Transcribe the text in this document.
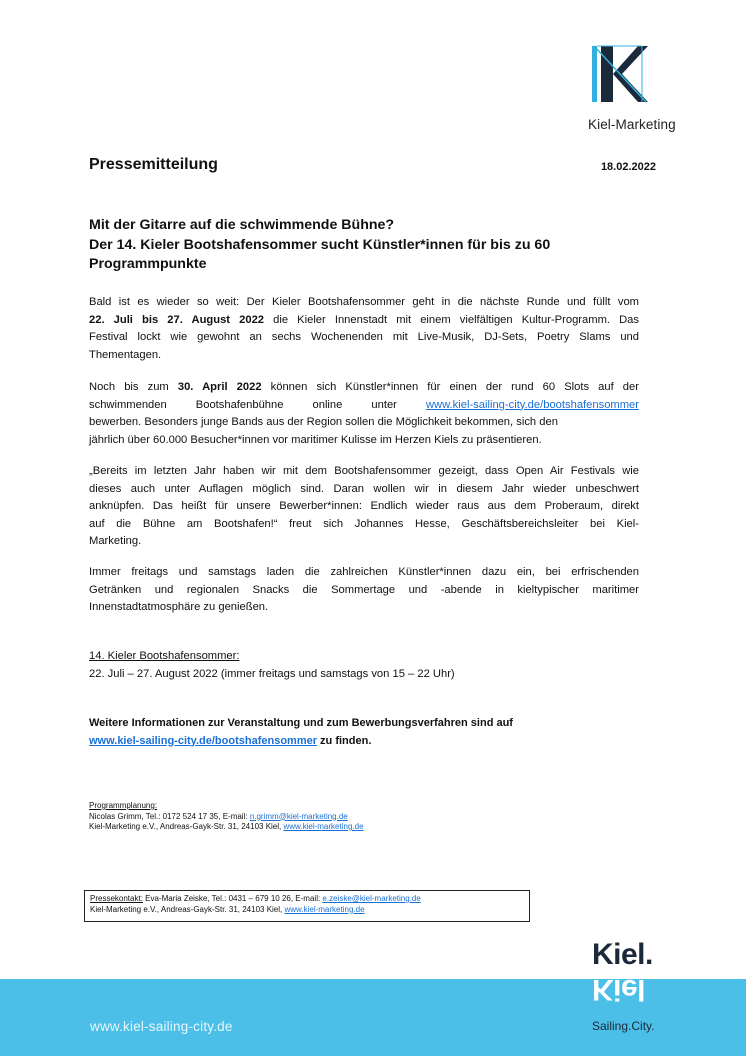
Kiel-Marketing
Pressemitteilung	18.02.2022
Mit der Gitarre auf die schwimmende Bühne?
Der 14. Kieler Bootshafensommer sucht Künstler*innen für bis zu 60
Programmpunkte
Bald ist es wieder so weit: Der Kieler Bootshafensommer geht in die nächste Runde und füllt vom
22. Juli bis 27. August 2022 die Kieler Innenstadt mit einem vielfältigen Kultur-Programm. Das
Festival lockt wie gewohnt an sechs Wochenenden mit Live-Musik, DJ-Sets, Poetry Slams und
Thementagen.
Noch bis zum 30. April 2022 können sich Künstler*innen für einen der rund 60 Slots auf der
schwimmenden Bootshafenbühne online unter www.kiel-sailing-city.de/bootshafensommer
bewerben. Besonders junge Bands aus der Region sollen die Möglichkeit bekommen, sich den
jährlich über 60.000 Besucher*innen vor maritimer Kulisse im Herzen Kiels zu präsentieren.
„Bereits im letzten Jahr haben wir mit dem Bootshafensommer gezeigt, dass Open Air Festivals wie
dieses auch unter Auflagen möglich sind. Daran wollen wir in diesem Jahr wieder unbeschwert
anknüpfen. Das heißt für unsere Bewerber*innen: Endlich wieder raus aus dem Proberaum, direkt
auf die Bühne am Bootshafen!“ freut sich Johannes Hesse, Geschäftsbereichsleiter bei Kiel-
Marketing.
Immer freitags und samstags laden die zahlreichen Künstler*innen dazu ein, bei erfrischenden
Getränken und regionalen Snacks die Sommertage und -abende in kieltypischer maritimer
Innenstadtatmosphäre zu genießen.
14. Kieler Bootshafensommer:
22. Juli – 27. August 2022 (immer freitags und samstags von 15 – 22 Uhr)
Weitere Informationen zur Veranstaltung und zum Bewerbungsverfahren sind auf
www.kiel-sailing-city.de/bootshafensommer zu finden.
Programmplanung:
Nicolas Grimm, Tel.: 0172 524 17 35, E-mail: n.grimm@kiel-marketing.de
Kiel-Marketing e.V., Andreas-Gayk-Str. 31, 24103 Kiel, www.kiel-marketing.de
Pressekontakt: Eva-Maria Zeiske, Tel.: 0431 – 679 10 26, E-mail: e.zeiske@kiel-marketing.de
Kiel-Marketing e.V., Andreas-Gayk-Str. 31, 24103 Kiel, www.kiel-marketing.de
www.kiel-sailing-city.de	Sailing.City.
Kiel.
Kiel
